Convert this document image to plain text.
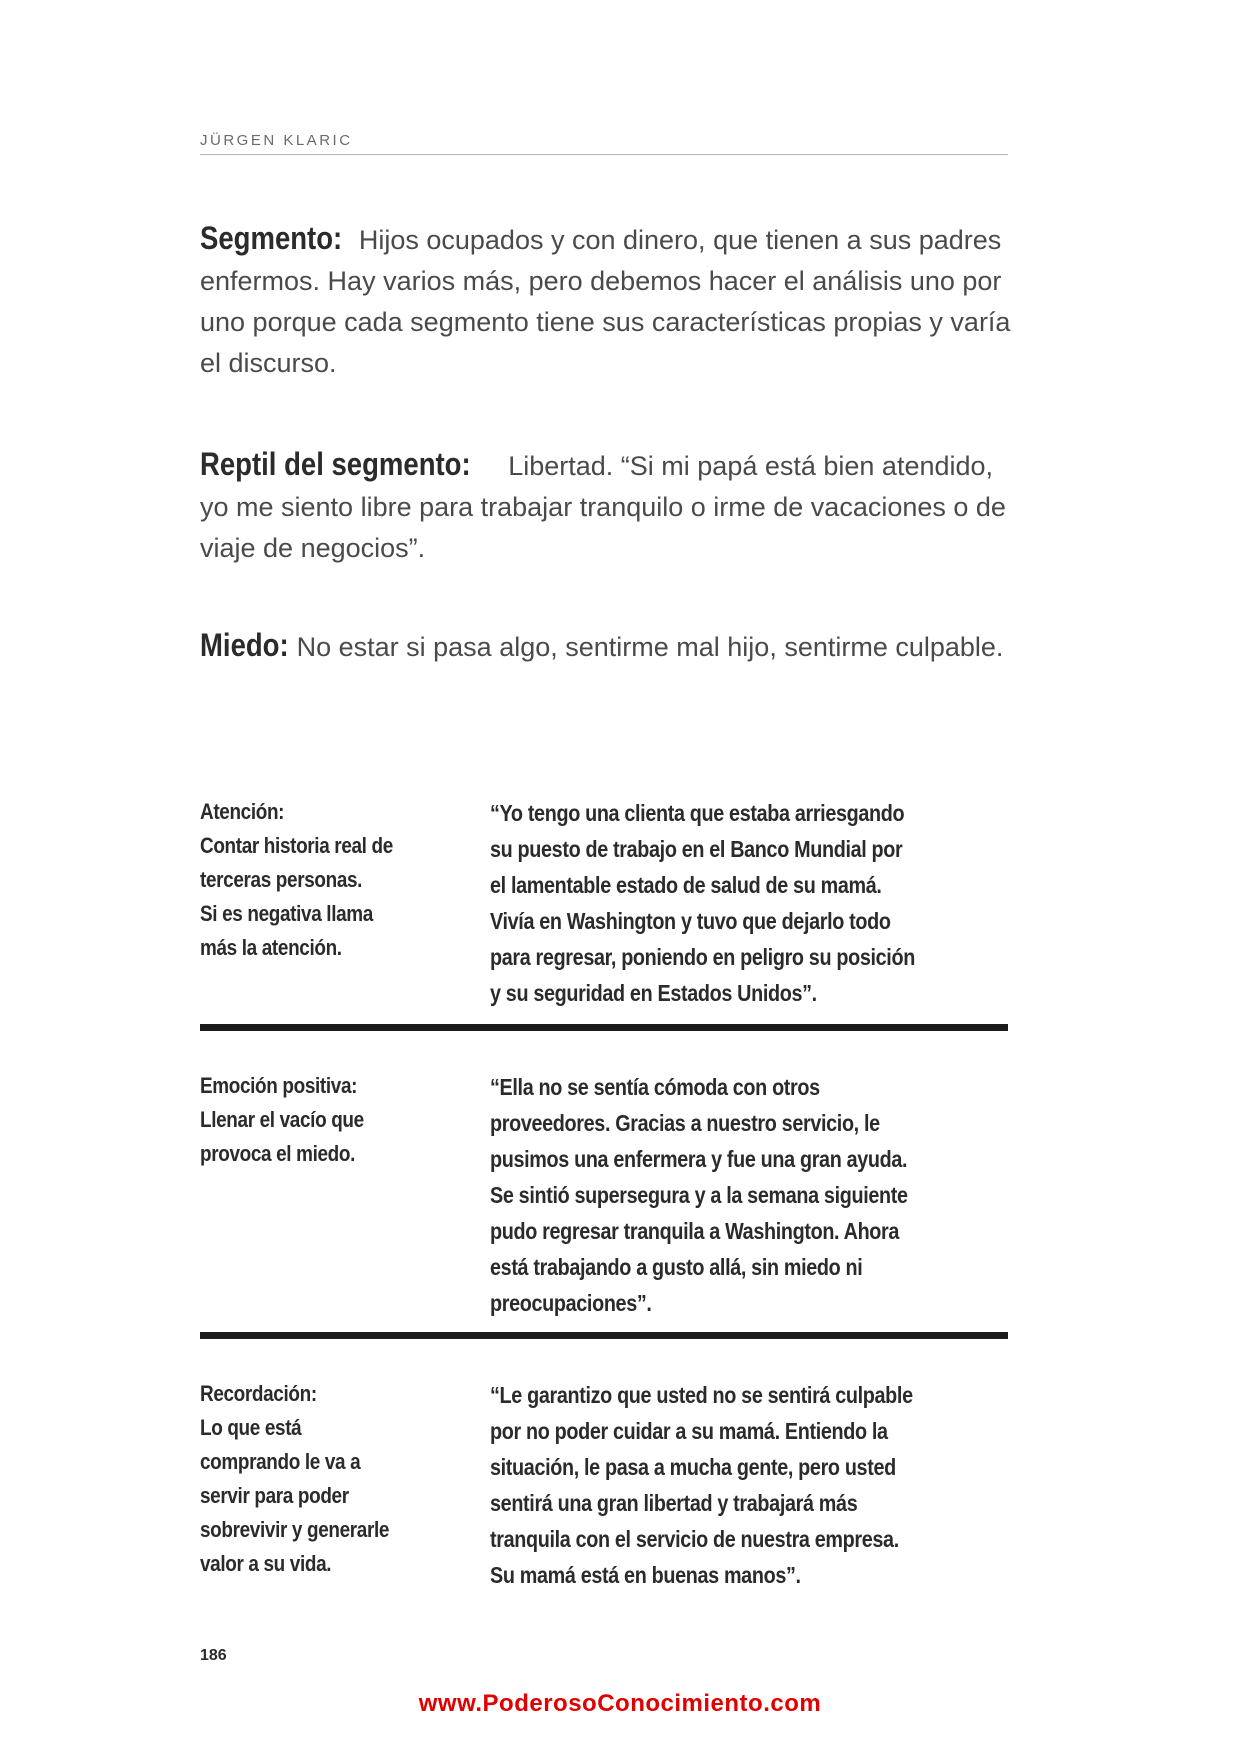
JÜRGEN KLARIC
Segmento: Hijos ocupados y con dinero, que tienen a sus padres enfermos. Hay varios más, pero debemos hacer el análisis uno por uno porque cada segmento tiene sus características propias y varía el discurso.
Reptil del segmento: Libertad. “Si mi papá está bien atendido, yo me siento libre para trabajar tranquilo o irme de vacaciones o de viaje de negocios”.
Miedo: No estar si pasa algo, sentirme mal hijo, sentirme culpable.
Atención:
Contar historia real de
terceras personas.
Si es negativa llama
más la atención.
“Yo tengo una clienta que estaba arriesgando
su puesto de trabajo en el Banco Mundial por
el lamentable estado de salud de su mamá.
Vivía en Washington y tuvo que dejarlo todo
para regresar, poniendo en peligro su posición
y su seguridad en Estados Unidos”.
Emoción positiva:
Llenar el vacío que
provoca el miedo.
“Ella no se sentía cómoda con otros
proveedores. Gracias a nuestro servicio, le
pusimos una enfermera y fue una gran ayuda.
Se sintió supersegura y a la semana siguiente
pudo regresar tranquila a Washington. Ahora
está trabajando a gusto allá, sin miedo ni
preocupaciones”.
Recordación:
Lo que está
comprando le va a
servir para poder
sobrevivir y generarle
valor a su vida.
“Le garantizo que usted no se sentirá culpable
por no poder cuidar a su mamá. Entiendo la
situación, le pasa a mucha gente, pero usted
sentirá una gran libertad y trabajará más
tranquila con el servicio de nuestra empresa.
Su mamá está en buenas manos”.
186
www.PoderosoConocimiento.com
